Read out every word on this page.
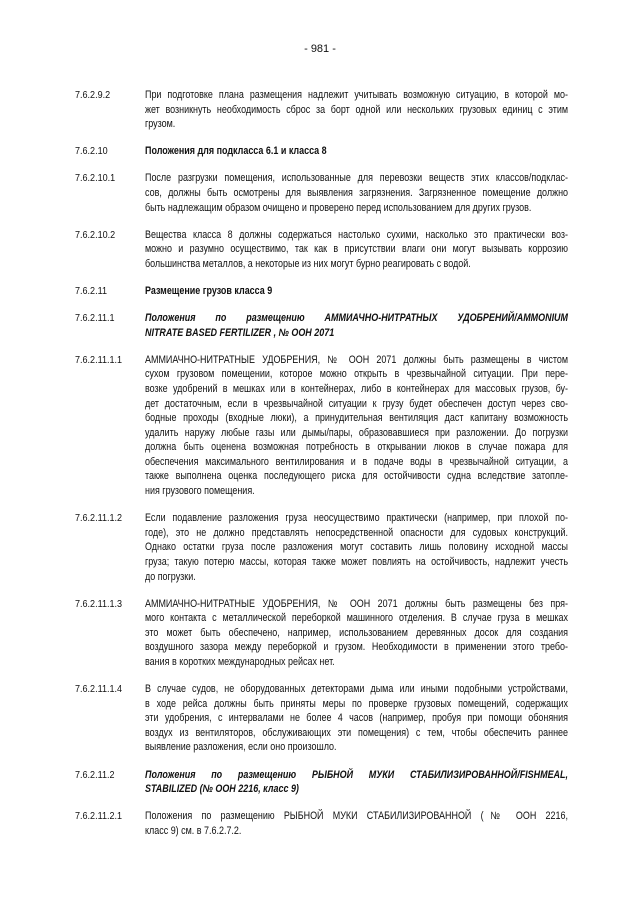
- 981 -
7.6.2.9.2	При подготовке плана размещения надлежит учитывать возможную ситуацию, в которой мо-
жет возникнуть необходимость сброс за борт одной или нескольких грузовых единиц с этим
грузом.
7.6.2.10	Положения для подкласса 6.1 и класса 8
7.6.2.10.1	После разгрузки помещения, использованные для перевозки веществ этих классов/подклас-
сов, должны быть осмотрены для выявления загрязнения. Загрязненное помещение должно
быть надлежащим образом очищено и проверено перед использованием для других грузов.
7.6.2.10.2	Вещества класса 8 должны содержаться настолько сухими, насколько это практически воз-
можно и разумно осуществимо, так как в присутствии влаги они могут вызывать коррозию
большинства металлов, а некоторые из них могут бурно реагировать с водой.
7.6.2.11	Размещение грузов класса 9
7.6.2.11.1	Положения по размещению АММИАЧНО-НИТРАТНЫХ УДОБРЕНИЙ/AMMONIUM
NITRATE BASED FERTILIZER , № ООН 2071
7.6.2.11.1.1 АММИАЧНО-НИТРАТНЫЕ УДОБРЕНИЯ, № ООН 2071 должны быть размещены в чистом
сухом грузовом помещении, которое можно открыть в чрезвычайной ситуации. При пере-
возке удобрений в мешках или в контейнерах, либо в контейнерах для массовых грузов, бу-
дет достаточным, если в чрезвычайной ситуации к грузу будет обеспечен доступ через сво-
бодные проходы (входные люки), а принудительная вентиляция даст капитану возможность
удалить наружу любые газы или дымы/пары, образовавшиеся при разложении. До погрузки
должна быть оценена возможная потребность в открывании люков в случае пожара для
обеспечения максимального вентилирования и в подаче воды в чрезвычайной ситуации, а
также выполнена оценка последующего риска для остойчивости судна вследствие затопле-
ния грузового помещения.
7.6.2.11.1.2 Если подавление разложения груза неосуществимо практически (например, при плохой по-
годе), это не должно представлять непосредственной опасности для судовых конструкций.
Однако остатки груза после разложения могут составить лишь половину исходной массы
груза; такую потерю массы, которая также может повлиять на остойчивость, надлежит учесть
до погрузки.
7.6.2.11.1.3 АММИАЧНО-НИТРАТНЫЕ УДОБРЕНИЯ, № ООН 2071 должны быть размещены без пря-
мого контакта с металлической переборкой машинного отделения. В случае груза в мешках
это может быть обеспечено, например, использованием деревянных досок для создания
воздушного зазора между переборкой и грузом. Необходимости в применении этого требо-
вания в коротких международных рейсах нет.
7.6.2.11.1.4 В случае судов, не оборудованных детекторами дыма или иными подобными устройствами,
в ходе рейса должны быть приняты меры по проверке грузовых помещений, содержащих
эти удобрения, с интервалами не более 4 часов (например, пробуя при помощи обоняния
воздух из вентиляторов, обслуживающих эти помещения) с тем, чтобы обеспечить раннее
выявление разложения, если оно произошло.
7.6.2.11.2	Положения по размещению РЫБНОЙ МУКИ СТАБИЛИЗИРОВАННОЙ/FISHMEAL,
STABILIZED (№ ООН 2216, класс 9)
7.6.2.11.2.1 Положения по размещению РЫБНОЙ МУКИ СТАБИЛИЗИРОВАННОЙ (№ ООН 2216,
класс 9) см. в 7.6.2.7.2.
